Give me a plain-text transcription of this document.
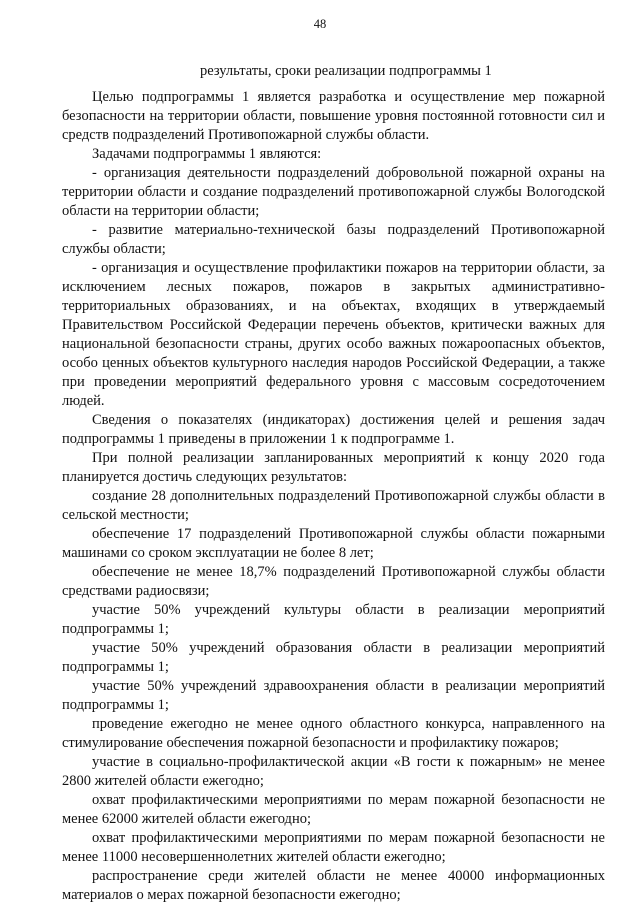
48
результаты, сроки реализации подпрограммы 1

Целью подпрограммы 1 является разработка и осуществление мер пожарной безопасности на территории области, повышение уровня постоянной готовности сил и средств подразделений Противопожарной службы области.

Задачами подпрограммы 1 являются:

- организация деятельности подразделений добровольной пожарной охраны на территории области и создание подразделений противопожарной службы Вологодской области на территории области;

- развитие материально-технической базы подразделений Противопожарной службы области;

- организация и осуществление профилактики пожаров на территории области, за исключением лесных пожаров, пожаров в закрытых административно-территориальных образованиях, и на объектах, входящих в утверждаемый Правительством Российской Федерации перечень объектов, критически важных для национальной безопасности страны, других особо важных пожароопасных объектов, особо ценных объектов культурного наследия народов Российской Федерации, а также при проведении мероприятий федерального уровня с массовым сосредоточением людей.

Сведения о показателях (индикаторах) достижения целей и решения задач подпрограммы 1 приведены в приложении 1 к подпрограмме 1.

При полной реализации запланированных мероприятий к концу 2020 года планируется достичь следующих результатов:

создание 28 дополнительных подразделений Противопожарной службы области в сельской местности;

обеспечение 17 подразделений Противопожарной службы области пожарными машинами со сроком эксплуатации не более 8 лет;

обеспечение не менее 18,7% подразделений Противопожарной службы области средствами радиосвязи;

участие 50% учреждений культуры области в реализации мероприятий подпрограммы 1;

участие 50% учреждений образования области в реализации мероприятий подпрограммы 1;

участие 50% учреждений здравоохранения области в реализации мероприятий подпрограммы 1;

проведение ежегодно не менее одного областного конкурса, направленного на стимулирование обеспечения пожарной безопасности и профилактику пожаров;

участие в социально-профилактической акции «В гости к пожарным» не менее 2800 жителей области ежегодно;

охват профилактическими мероприятиями по мерам пожарной безопасности не менее 62000 жителей области ежегодно;

охват профилактическими мероприятиями по мерам пожарной безопасности не менее 11000 несовершеннолетних жителей области ежегодно;

распространение среди жителей области не менее 40000 информационных материалов о мерах пожарной безопасности ежегодно;
